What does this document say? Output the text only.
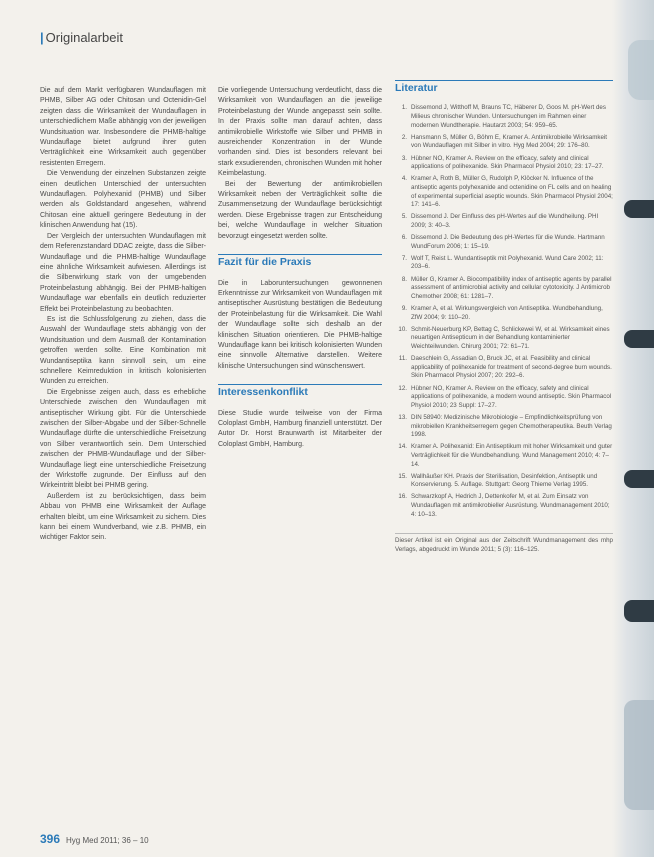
| Originalarbeit

Die auf dem Markt verfügbaren Wundauflagen mit PHMB, Silber AG oder Chitosan und Octenidin-Gel zeigten dass die Wirksamkeit der Wundauflagen in unterschiedlichem Maße abhängig von der jeweiligen Wundsituation war. Insbesondere die PHMB-haltige Wundauflage bietet aufgrund ihrer guten Verträglichkeit eine Wirksamkeit auch gegenüber resistenten Erregern.

Die Verwendung der einzelnen Substanzen zeigte einen deutlichen Unterschied der untersuchten Wundauflagen. Polyhexanid (PHMB) und Silber werden als Goldstandard angesehen, während Chitosan eine aktuell geringere Bedeutung in der klinischen Anwendung hat (15).

Der Vergleich der untersuchten Wundauflagen mit dem Referenzstandard DDAC zeigte, dass die Silber-Wundauflage und die PHMB-haltige Wundauflage eine ähnliche Wirksamkeit aufwiesen. Allerdings ist die Silberwirkung stark von der umgebenden Proteinbelastung abhängig. Bei der PHMB-haltigen Wundauflage war ebenfalls ein deutlich reduzierter Effekt bei Proteinbelastung zu beobachten.

Es ist die Schlussfolgerung zu ziehen, dass die Auswahl der Wundauflage stets abhängig von der Wundsituation und dem Ausmaß der Kontamination getroffen werden sollte. Eine Kombination mit Wundantiseptika kann sinnvoll sein, um eine schnellere Keimreduktion in kritisch kolonisierten Wunden zu erreichen.

Die Ergebnisse zeigen auch, dass es erhebliche Unterschiede zwischen den Wundauflagen mit antiseptischer Wirkung gibt. Für die Unterschiede zwischen der Silber-Abgabe und der Silber-Schnelle Wundauflage dürfte die unterschiedliche Freisetzung von Silber verantwortlich sein. Dem Unterschied zwischen der PHMB-Wundauflage und der Silber-Wundauflage liegt eine unterschiedliche Freisetzung der Wirkstoffe zugrunde. Der Einfluss auf den Wirkeintritt bleibt bei PHMB gering.

Außerdem ist zu berücksichtigen, dass beim Abbau von PHMB eine Wirksamkeit der Auflage erhalten bleibt, um eine Wirksamkeit zu sichern. Dies kann bei einem Wundverband, wie z.B. PHMB, ein wichtiger Faktor sein.

Die vorliegende Untersuchung verdeutlicht, dass die Wirksamkeit von Wundauflagen an die jeweilige Proteinbelastung der Wunde angepasst sein sollte. In der Praxis sollte man darauf achten, dass antimikrobielle Wirkstoffe wie Silber und PHMB in ausreichender Konzentration in der Wunde vorhanden sind. Dies ist besonders relevant bei stark exsudierenden, chronischen Wunden mit hoher Keimbelastung.

Bei der Bewertung der antimikrobiellen Wirksamkeit neben der Verträglichkeit sollte die Zusammensetzung der Wundauflage berücksichtigt werden. Diese Ergebnisse tragen zur Entscheidung bei, welche Wundauflage in welcher Situation bevorzugt eingesetzt werden sollte.

Fazit für die Praxis

Die in Laboruntersuchungen gewonnenen Erkenntnisse zur Wirksamkeit von Wundauflagen mit antiseptischer Ausrüstung bestätigen die Bedeutung der Proteinbelastung für die Wirksamkeit. Die Wahl der Wundauflage sollte sich deshalb an der klinischen Situation orientieren. Die PHMB-haltige Wundauflage kann bei kritisch kolonisierten Wunden eine sinnvolle Alternative darstellen. Weitere klinische Untersuchungen sind wünschenswert.

Interessenkonflikt

Diese Studie wurde teilweise von der Firma Coloplast GmbH, Hamburg finanziell unterstützt. Der Autor Dr. Horst Braunwarth ist Mitarbeiter der Coloplast GmbH, Hamburg.

Literatur
1. Dissemond J, Witthoff M, Brauns TC, Häberer D, Goos M. pH-Wert des Milieus chronischer Wunden. Untersuchungen im Rahmen einer modernen Wundtherapie. Hautarzt 2003; 54: 959–65.
2. Hansmann S, Müller G, Böhm E, Kramer A. Antimikrobielle Wirksamkeit von Wundauflagen mit Silber in vitro. Hyg Med 2004; 29: 176–80.
3. Hübner NO, Kramer A. Review on the efficacy, safety and clinical applications of polihexanide. Skin Pharmacol Physiol 2010; 23: 17–27.
4. Kramer A, Roth B, Müller G, Rudolph P, Klöcker N. Influence of the antiseptic agents polyhexanide and octenidine on FL cells and on healing of experimental superficial aseptic wounds. Skin Pharmacol Physiol 2004; 17: 141–6.
5. Dissemond J. Der Einfluss des pH-Wertes auf die Wundheilung. PHI 2009; 3: 40–3.
6. Dissemond J. Die Bedeutung des pH-Wertes für die Wunde. Hartmann WundForum 2006; 1: 15–19.
7. Wolf T, Reist L. Wundantiseptik mit Polyhexanid. Wund Care 2002; 11: 203–6.
8. Müller G, Kramer A. Biocompatibility index of antiseptic agents by parallel assessment of antimicrobial activity and cellular cytotoxicity. J Antimicrob Chemother 2008; 61: 1281–7.
9. Kramer A, et al. Wirkungsvergleich von Antiseptika. Wundbehandlung, ZfW 2004; 9: 110–20.
10. Schmit-Neuerburg KP, Bettag C, Schlickewei W, et al. Wirksamkeit eines neuartigen Antisepticum in der Behandlung kontaminierter Weichteilwunden. Chirurg 2001; 72: 61–71.
11. Daeschlein G, Assadian O, Bruck JC, et al. Feasibility and clinical applicability of polihexanide for treatment of second-degree burn wounds. Skin Pharmacol Physiol 2007; 20: 292–6.
12. Hübner NO, Kramer A. Review on the efficacy, safety and clinical applications of polihexanide, a modern wound antiseptic. Skin Pharmacol Physiol 2010; 23 Suppl: 17–27.
13. DIN 58940: Medizinische Mikrobiologie – Empfindlichkeitsprüfung von mikrobiellen Krankheitserregern gegen Chemotherapeutika. Beuth Verlag 1998.
14. Kramer A. Polihexanid: Ein Antiseptikum mit hoher Wirksamkeit und guter Verträglichkeit für die Wundbehandlung. Wund Management 2010; 4: 7–14.
15. Wallhäußer KH. Praxis der Sterilisation, Desinfektion, Antiseptik und Konservierung. 5. Auflage. Stuttgart: Georg Thieme Verlag 1995.
16. Schwarzkopf A, Hedrich J, Dettenkofer M, et al. Zum Einsatz von Wundauflagen mit antimikrobieller Ausrüstung. Wundmanagement 2010; 4: 10–13.
Dieser Artikel ist ein Original aus der Zeitschrift Wundmanagement des mhp Verlags, abgedruckt im Wunde 2011; 5 (3): 116–125.
396 Hyg Med 2011; 36 – 10
